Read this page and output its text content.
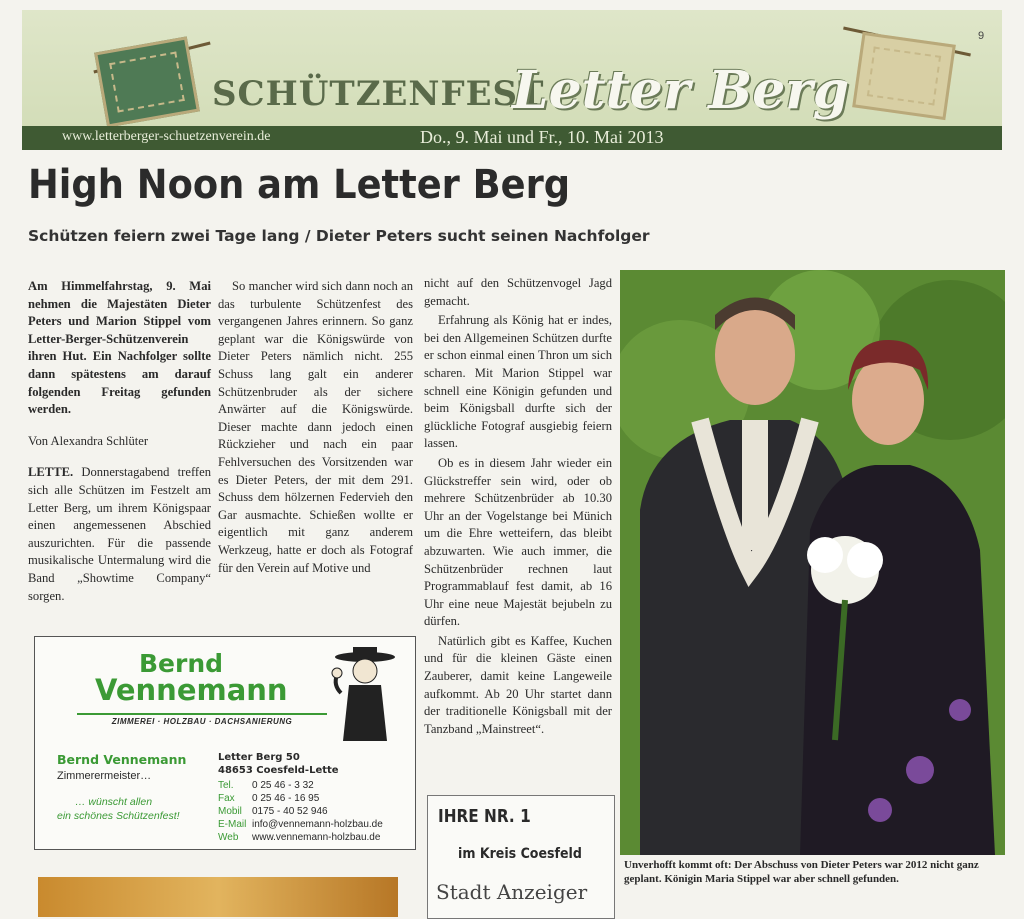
SCHÜTZENFEST
Letter Berg
9
www.letterberger-schuetzenverein.de	Do., 9. Mai und Fr., 10. Mai 2013
High Noon am Letter Berg
Schützen feiern zwei Tage lang / Dieter Peters sucht seinen Nachfolger

Am Himmelfahrstag, 9. Mai nehmen die Majestäten Dieter Peters und Marion Stippel vom Letter-Berger-Schützenverein ihren Hut. Ein Nachfolger sollte dann spätestens am darauf folgenden Freitag gefunden werden.

Von Alexandra Schlüter

LETTE. Donnerstagabend treffen sich alle Schützen im Festzelt am Letter Berg, um ihrem Königspaar einen angemessenen Abschied auszurichten. Für die passende musikalische Untermalung wird die Band „Showtime Company“ sorgen.

So mancher wird sich dann noch an das turbulente Schützenfest des vergangenen Jahres erinnern. So ganz geplant war die Königswürde von Dieter Peters nämlich nicht. 255 Schuss lang galt ein anderer Schützenbruder als der sichere Anwärter auf die Königswürde. Dieser machte dann jedoch einen Rückzieher und nach ein paar Fehlversuchen des Vorsitzenden war es Dieter Peters, der mit dem 291. Schuss dem hölzernen Federvieh den Gar ausmachte. Schießen wollte er eigentlich mit ganz anderem Werkzeug, hatte er doch als Fotograf für den Verein auf Motive und

nicht auf den Schützenvogel Jagd gemacht.

Erfahrung als König hat er indes, bei den Allgemeinen Schützen durfte er schon einmal einen Thron um sich scharen. Mit Marion Stippel war schnell eine Königin gefunden und beim Königsball durfte sich der glückliche Fotograf ausgiebig feiern lassen.

Ob es in diesem Jahr wieder ein Glückstreffer sein wird, oder ob mehrere Schützenbrüder ab 10.30 Uhr an der Vogelstange bei Münich um die Ehre wetteifern, das bleibt abzuwarten. Wie auch immer, die Schützenbrüder rechnen laut Programmablauf fest damit, ab 16 Uhr eine neue Majestät bejubeln zu dürfen.

Natürlich gibt es Kaffee, Kuchen und für die kleinen Gäste einen Zauberer, damit keine Langeweile aufkommt. Ab 20 Uhr startet dann der traditionelle Königsball mit der Tanzband „Mainstreet“.

Unverhofft kommt oft: Der Abschuss von Dieter Peters war 2012 nicht ganz geplant. Königin Maria Stippel war aber schnell gefunden.
Bernd
Vennemann
ZIMMEREI · HOLZBAU · DACHSANIERUNG
Bernd Vennemann
Zimmerermeister…
… wünscht allen
ein schönes Schützenfest!
Letter Berg 50
48653 Coesfeld-Lette
Tel. 0 25 46 - 3 32
Fax 0 25 46 - 16 95
Mobil 0175 - 40 52 946
E-Mail info@vennemann-holzbau.de
Web www.vennemann-holzbau.de
IHRE NR. 1
im Kreis Coesfeld
Stadt Anzeiger
